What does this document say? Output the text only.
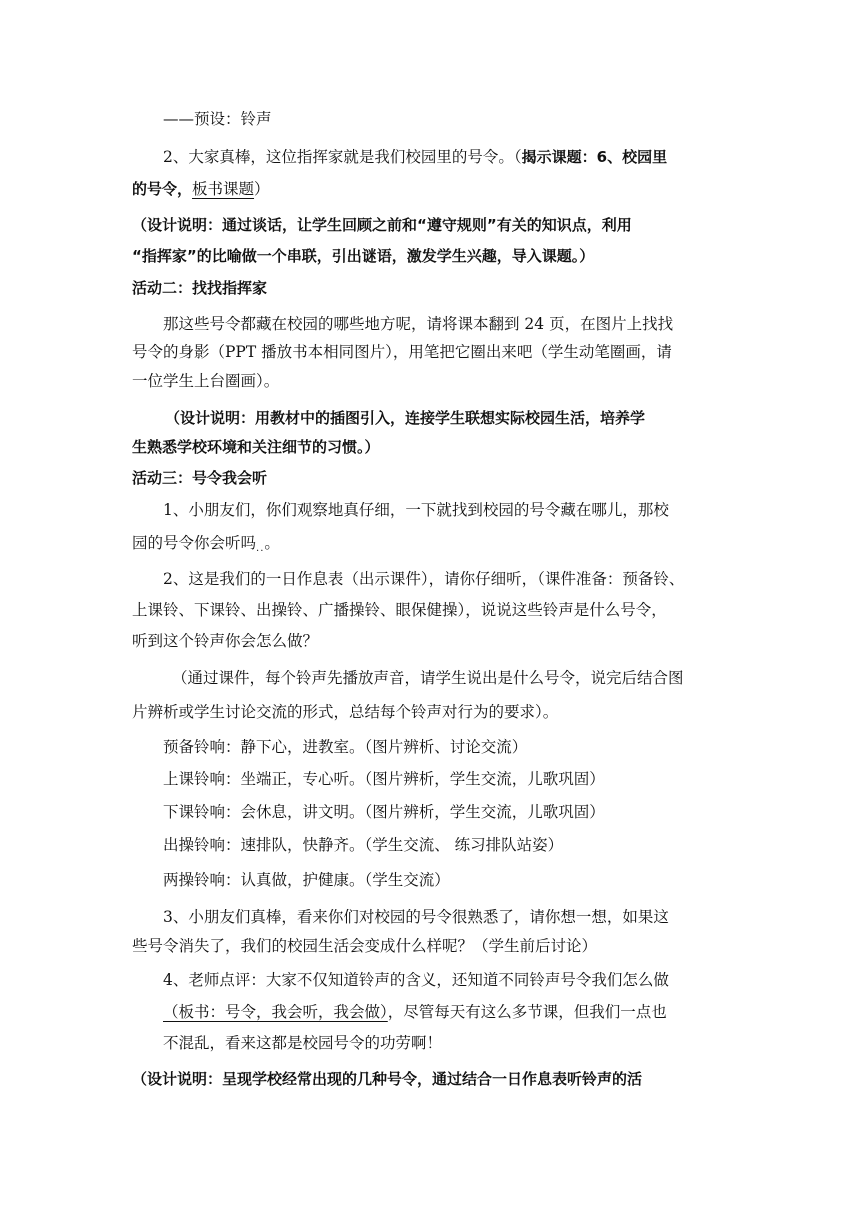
——预设：铃声
2、大家真棒，这位指挥家就是我们校园里的号令。（揭示课题：6、校园里
的号令，板书课题）
（设计说明：通过谈话，让学生回顾之前和“遵守规则”有关的知识点，利用
“指挥家”的比喻做一个串联，引出谜语，激发学生兴趣，导入课题。）
活动二：找找指挥家
那这些号令都藏在校园的哪些地方呢，请将课本翻到 24 页，在图片上找找
号令的身影（PPT 播放书本相同图片），用笔把它圈出来吧（学生动笔圈画，请
一位学生上台圈画）。
（设计说明：用教材中的插图引入，连接学生联想实际校园生活，培养学
生熟悉学校环境和关注细节的习惯。）
活动三：号令我会听
1、小朋友们，你们观察地真仔细，一下就找到校园的号令藏在哪儿，那校
园的号令你会听吗..。
2、这是我们的一日作息表（出示课件），请你仔细听，（课件准备：预备铃、
上课铃、下课铃、出操铃、广播操铃、眼保健操），说说这些铃声是什么号令，
听到这个铃声你会怎么做？
（通过课件，每个铃声先播放声音，请学生说出是什么号令，说完后结合图
片辨析或学生讨论交流的形式，总结每个铃声对行为的要求）。
预备铃响：静下心，进教室。（图片辨析、讨论交流）
上课铃响：坐端正，专心听。（图片辨析，学生交流，儿歌巩固）
下课铃响：会休息，讲文明。（图片辨析，学生交流，儿歌巩固）
出操铃响：速排队，快静齐。（学生交流、 练习排队站姿）
两操铃响：认真做，护健康。（学生交流）
3、小朋友们真棒，看来你们对校园的号令很熟悉了，请你想一想，如果这
些号令消失了，我们的校园生活会变成什么样呢？（学生前后讨论）
4、老师点评：大家不仅知道铃声的含义，还知道不同铃声号令我们怎么做
（板书：号令，我会听，我会做），尽管每天有这么多节课，但我们一点也
不混乱，看来这都是校园号令的功劳啊！
（设计说明：呈现学校经常出现的几种号令，通过结合一日作息表听铃声的活
